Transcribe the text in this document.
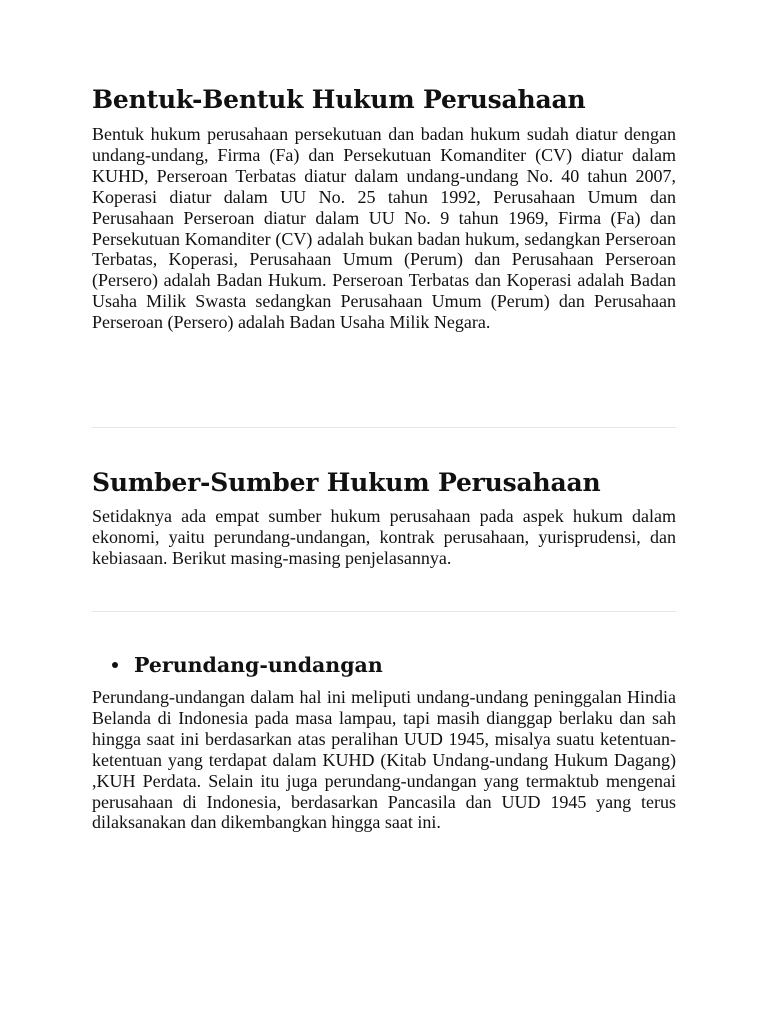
Bentuk-Bentuk Hukum Perusahaan

Bentuk hukum perusahaan persekutuan dan badan hukum sudah diatur dengan undang-undang, Firma (Fa) dan Persekutuan Komanditer (CV) diatur dalam KUHD, Perseroan Terbatas diatur dalam undang-undang No. 40 tahun 2007, Koperasi diatur dalam UU No. 25 tahun 1992, Perusahaan Umum dan Perusahaan Perseroan diatur dalam UU No. 9 tahun 1969, Firma (Fa) dan Persekutuan Komanditer (CV) adalah bukan badan hukum, sedangkan Perseroan Terbatas, Koperasi, Perusahaan Umum (Perum) dan Perusahaan Perseroan (Persero) adalah Badan Hukum. Perseroan Terbatas dan Koperasi adalah Badan Usaha Milik Swasta sedangkan Perusahaan Umum (Perum) dan Perusahaan Perseroan (Persero) adalah Badan Usaha Milik Negara.

Sumber-Sumber Hukum Perusahaan

Setidaknya ada empat sumber hukum perusahaan pada aspek hukum dalam ekonomi, yaitu perundang-undangan, kontrak perusahaan, yurisprudensi, dan kebiasaan. Berikut masing-masing penjelasannya.

Perundang-undangan

Perundang-undangan dalam hal ini meliputi undang-undang peninggalan Hindia Belanda di Indonesia pada masa lampau, tapi masih dianggap berlaku dan sah hingga saat ini berdasarkan atas peralihan UUD 1945, misalya suatu ketentuan-ketentuan yang terdapat dalam KUHD (Kitab Undang-undang Hukum Dagang) ,KUH Perdata. Selain itu juga perundang-undangan yang termaktub mengenai perusahaan di Indonesia, berdasarkan Pancasila dan UUD 1945 yang terus dilaksanakan dan dikembangkan hingga saat ini.
